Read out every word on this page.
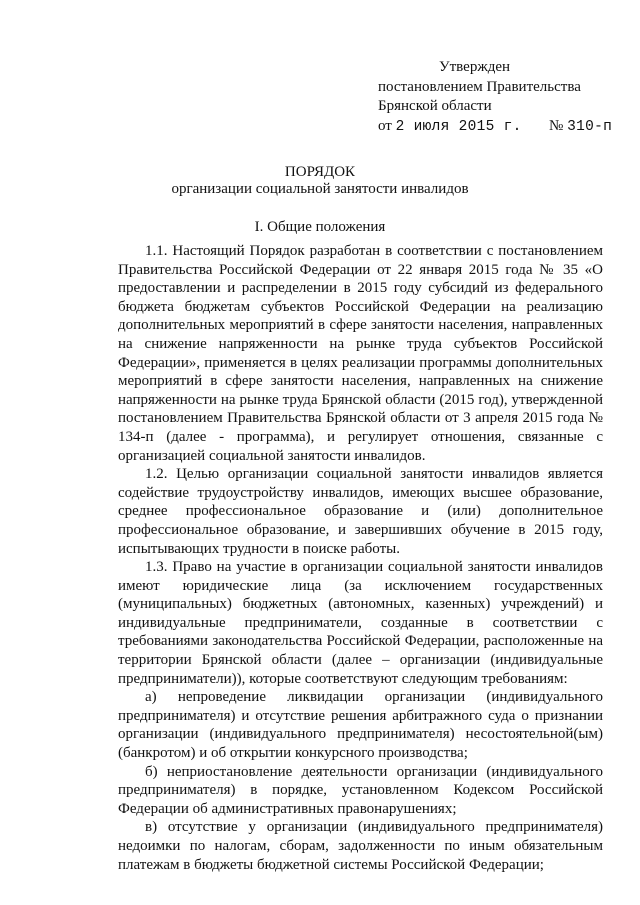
Утвержден
постановлением Правительства
Брянской области
от 2 июля 2015 г. № 310-п
ПОРЯДОК
организации социальной занятости инвалидов
I. Общие положения

1.1. Настоящий Порядок разработан в соответствии с постановлением Правительства Российской Федерации от 22 января 2015 года № 35 «О предоставлении и распределении в 2015 году субсидий из федерального бюджета бюджетам субъектов Российской Федерации на реализацию дополнительных мероприятий в сфере занятости населения, направленных на снижение напряженности на рынке труда субъектов Российской Федерации», применяется в целях реализации программы дополнительных мероприятий в сфере занятости населения, направленных на снижение напряженности на рынке труда Брянской области (2015 год), утвержденной постановлением Правительства Брянской области от 3 апреля 2015 года № 134-п (далее - программа), и регулирует отношения, связанные с организацией социальной занятости инвалидов.

1.2. Целью организации социальной занятости инвалидов является содействие трудоустройству инвалидов, имеющих высшее образование, среднее профессиональное образование и (или) дополнительное профессиональное образование, и завершивших обучение в 2015 году, испытывающих трудности в поиске работы.

1.3. Право на участие в организации социальной занятости инвалидов имеют юридические лица (за исключением государственных (муниципальных) бюджетных (автономных, казенных) учреждений) и индивидуальные предприниматели, созданные в соответствии с требованиями законодательства Российской Федерации, расположенные на территории Брянской области (далее – организации (индивидуальные предприниматели)), которые соответствуют следующим требованиям:

а) непроведение ликвидации организации (индивидуального предпринимателя) и отсутствие решения арбитражного суда о признании организации (индивидуального предпринимателя) несостоятельной(ым) (банкротом) и об открытии конкурсного производства;

б) неприостановление деятельности организации (индивидуального предпринимателя) в порядке, установленном Кодексом Российской Федерации об административных правонарушениях;

в) отсутствие у организации (индивидуального предпринимателя) недоимки по налогам, сборам, задолженности по иным обязательным платежам в бюджеты бюджетной системы Российской Федерации;
